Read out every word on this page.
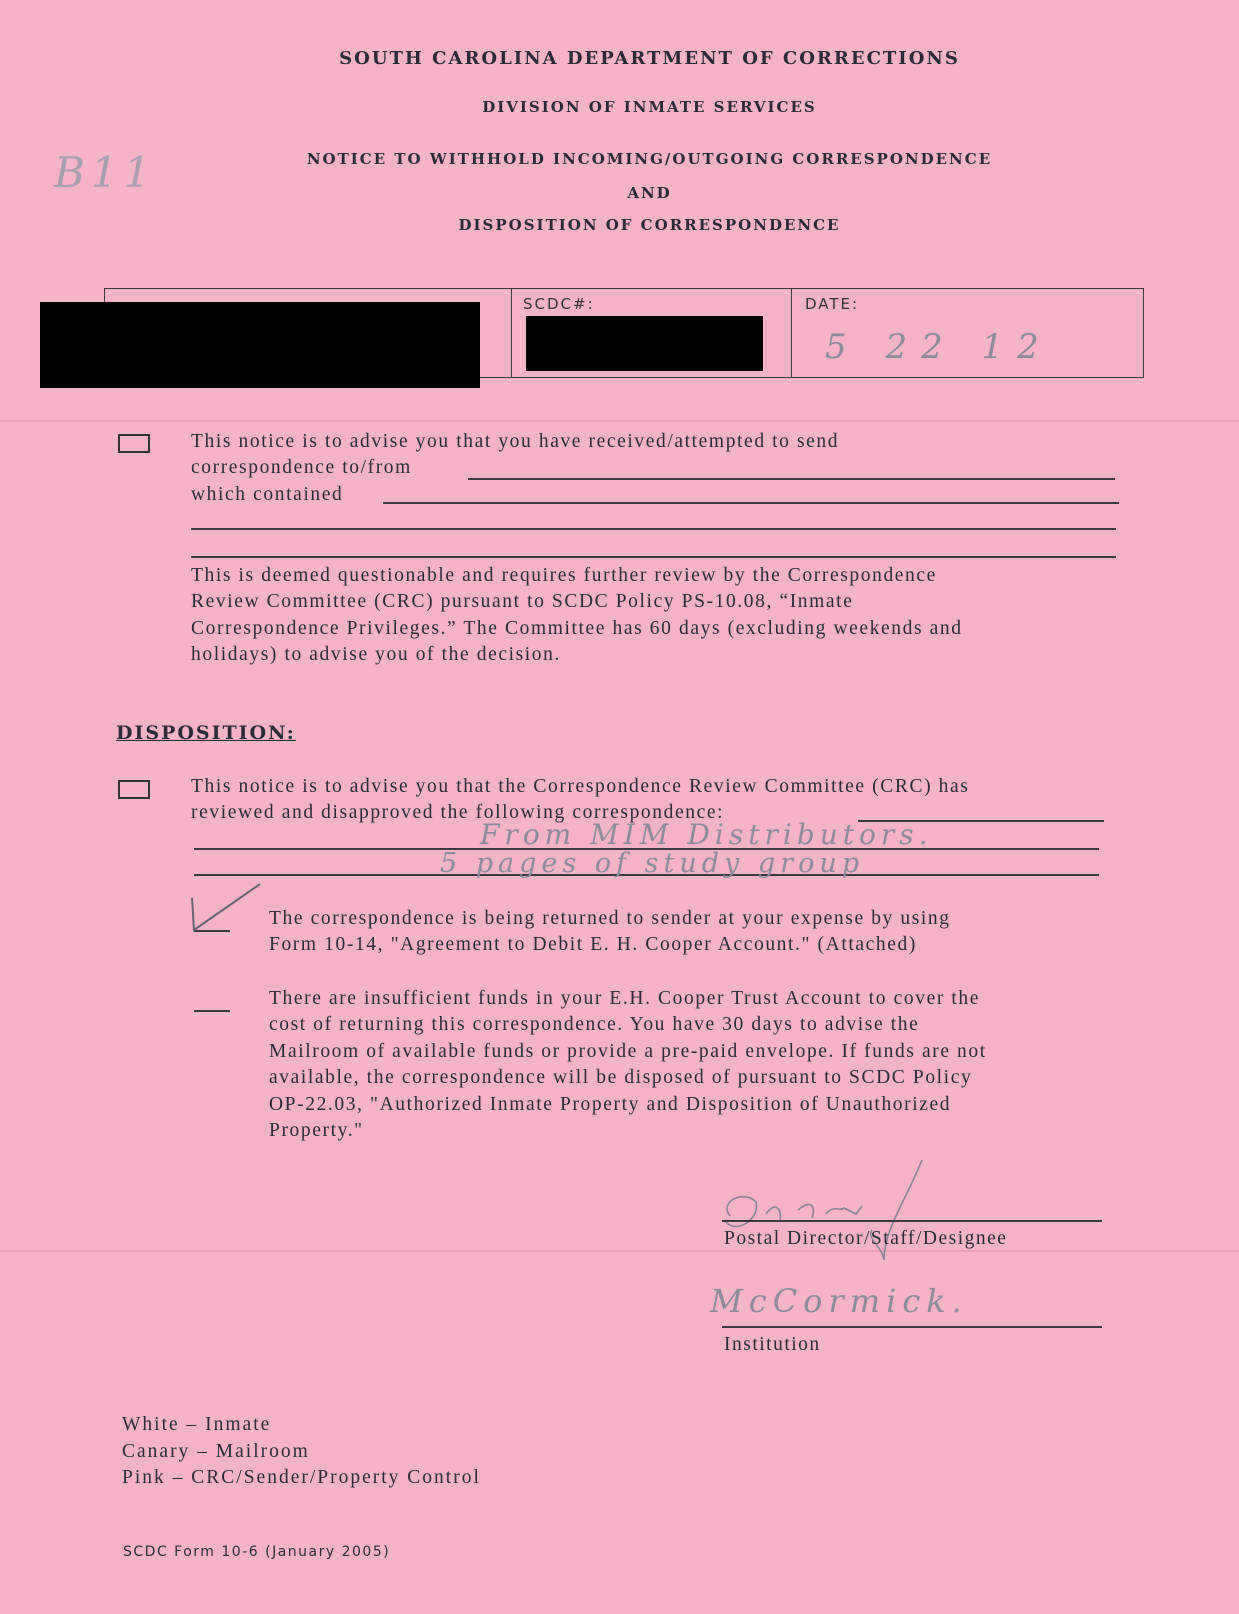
SOUTH CAROLINA DEPARTMENT OF CORRECTIONS
DIVISION OF INMATE SERVICES
NOTICE TO WITHHOLD INCOMING/OUTGOING CORRESPONDENCE
AND
DISPOSITION OF CORRESPONDENCE
B11
SCDC#:	DATE:
5 22 12
This notice is to advise you that you have received/attempted to send
correspondence to/from
which contained
This is deemed questionable and requires further review by the Correspondence
Review Committee (CRC) pursuant to SCDC Policy PS-10.08, “Inmate
Correspondence Privileges.” The Committee has 60 days (excluding weekends and
holidays) to advise you of the decision.
DISPOSITION:
This notice is to advise you that the Correspondence Review Committee (CRC) has
reviewed and disapproved the following correspondence:
From MIM Distributors.
5 pages of study group
The correspondence is being returned to sender at your expense by using
Form 10-14, "Agreement to Debit E. H. Cooper Account." (Attached)
There are insufficient funds in your E.H. Cooper Trust Account to cover the
cost of returning this correspondence. You have 30 days to advise the
Mailroom of available funds or provide a pre-paid envelope. If funds are not
available, the correspondence will be disposed of pursuant to SCDC Policy
OP-22.03, "Authorized Inmate Property and Disposition of Unauthorized
Property."
Postal Director/Staff/Designee
McCormick.
Institution
White – Inmate
Canary – Mailroom
Pink – CRC/Sender/Property Control
SCDC Form 10-6 (January 2005)
